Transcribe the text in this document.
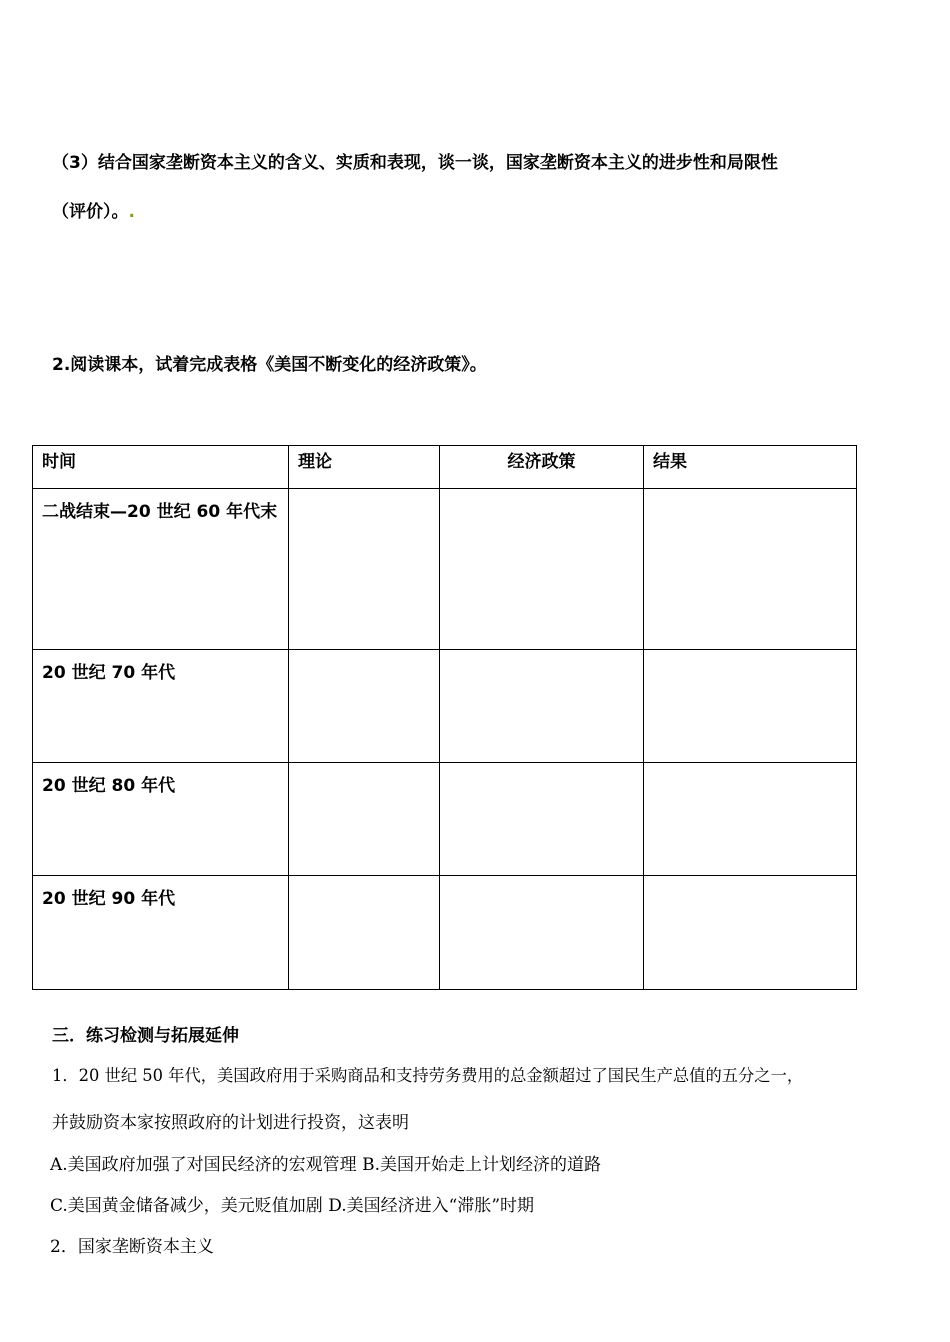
（3）结合国家垄断资本主义的含义、实质和表现，谈一谈，国家垄断资本主义的进步性和局限性
（评价）。.
2.阅读课本，试着完成表格《美国不断变化的经济政策》。
时间	理论	经济政策	结果
二战结束—20 世纪 60 年代末			
20 世纪 70 年代			
20 世纪 80 年代			
20 世纪 90 年代			
三．练习检测与拓展延伸
1．20 世纪 50 年代，美国政府用于采购商品和支持劳务费用的总金额超过了国民生产总值的五分之一，
并鼓励资本家按照政府的计划进行投资，这表明
A.美国政府加强了对国民经济的宏观管理 B.美国开始走上计划经济的道路
C.美国黄金储备减少，美元贬值加剧 D.美国经济进入“滞胀”时期
2．国家垄断资本主义
